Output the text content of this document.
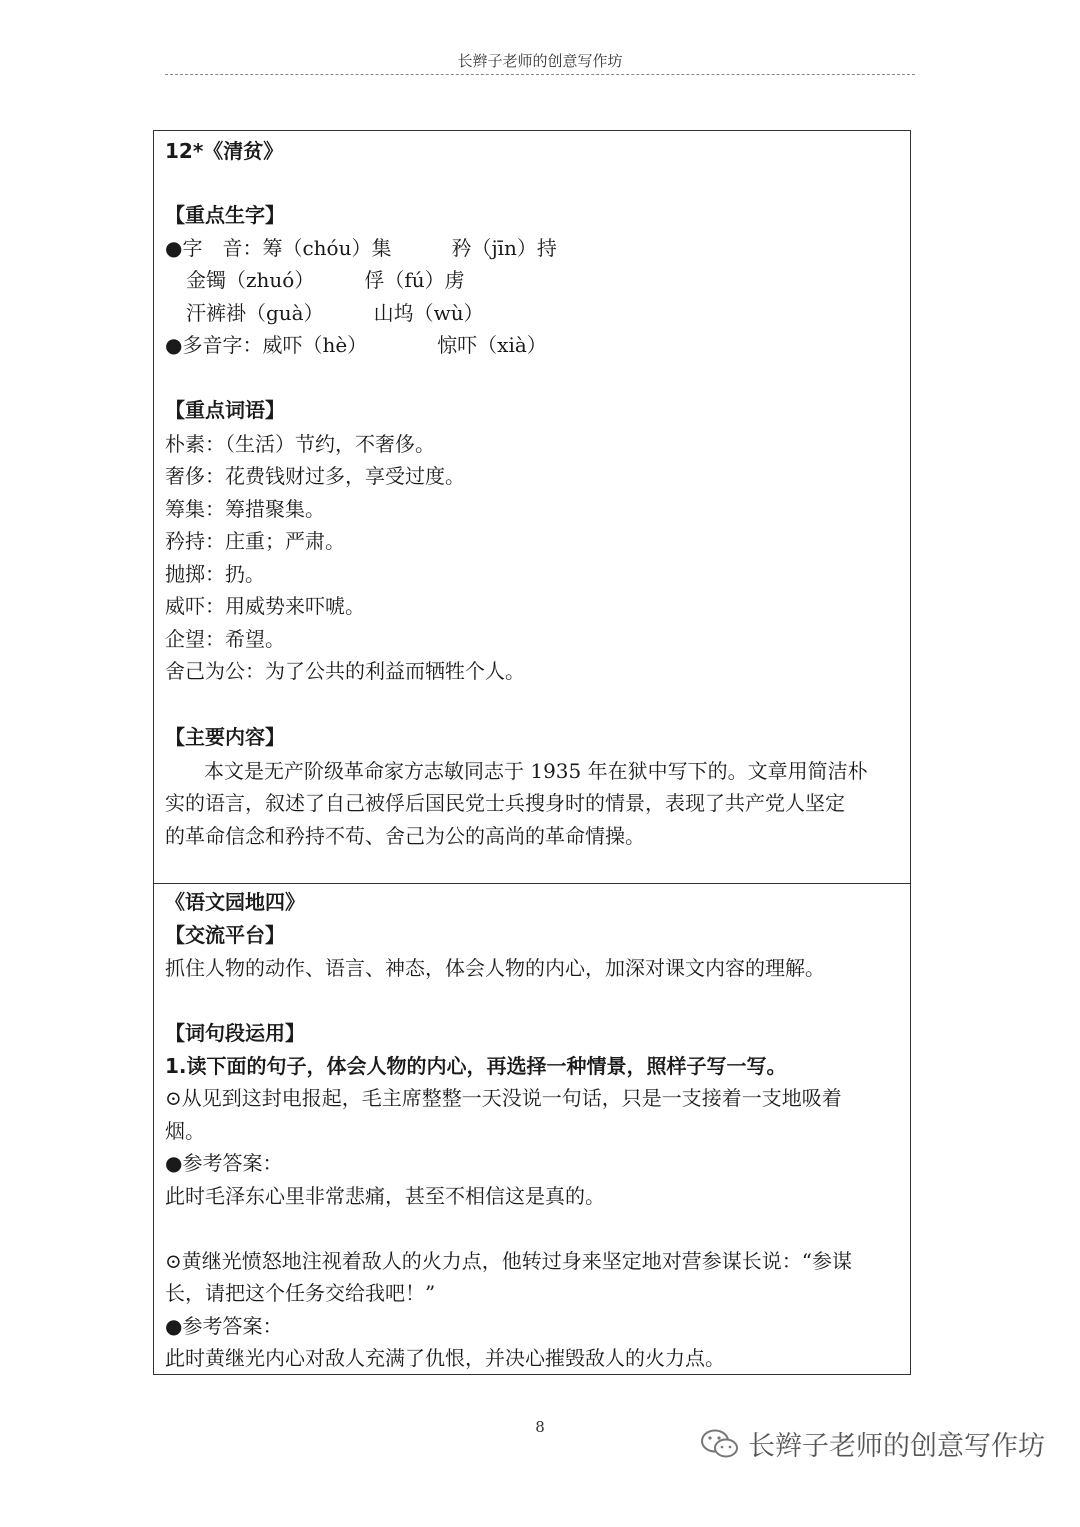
长辫子老师的创意写作坊
12*《清贫》
【重点生字】
●字　音：筹（chóu）集　　　矜（jīn）持
金镯（zhuó）　　　俘（fú）虏
汗裤褂（guà）　　　山坞（wù）
●多音字：威吓（hè）　　　　惊吓（xià）
【重点词语】
朴素：（生活）节约，不奢侈。
奢侈：花费钱财过多，享受过度。
筹集：筹措聚集。
矜持：庄重；严肃。
抛掷：扔。
威吓：用威势来吓唬。
企望：希望。
舍己为公：为了公共的利益而牺牲个人。
【主要内容】
本文是无产阶级革命家方志敏同志于 1935 年在狱中写下的。文章用简洁朴
实的语言，叙述了自己被俘后国民党士兵搜身时的情景，表现了共产党人坚定
的革命信念和矜持不苟、舍己为公的高尚的革命情操。
《语文园地四》
【交流平台】
抓住人物的动作、语言、神态，体会人物的内心，加深对课文内容的理解。
【词句段运用】
1.读下面的句子，体会人物的内心，再选择一种情景，照样子写一写。
⊙从见到这封电报起，毛主席整整一天没说一句话，只是一支接着一支地吸着
烟。
●参考答案：
此时毛泽东心里非常悲痛，甚至不相信这是真的。
⊙黄继光愤怒地注视着敌人的火力点，他转过身来坚定地对营参谋长说：“参谋
长，请把这个任务交给我吧！”
●参考答案：
此时黄继光内心对敌人充满了仇恨，并决心摧毁敌人的火力点。
8
长辫子老师的创意写作坊
